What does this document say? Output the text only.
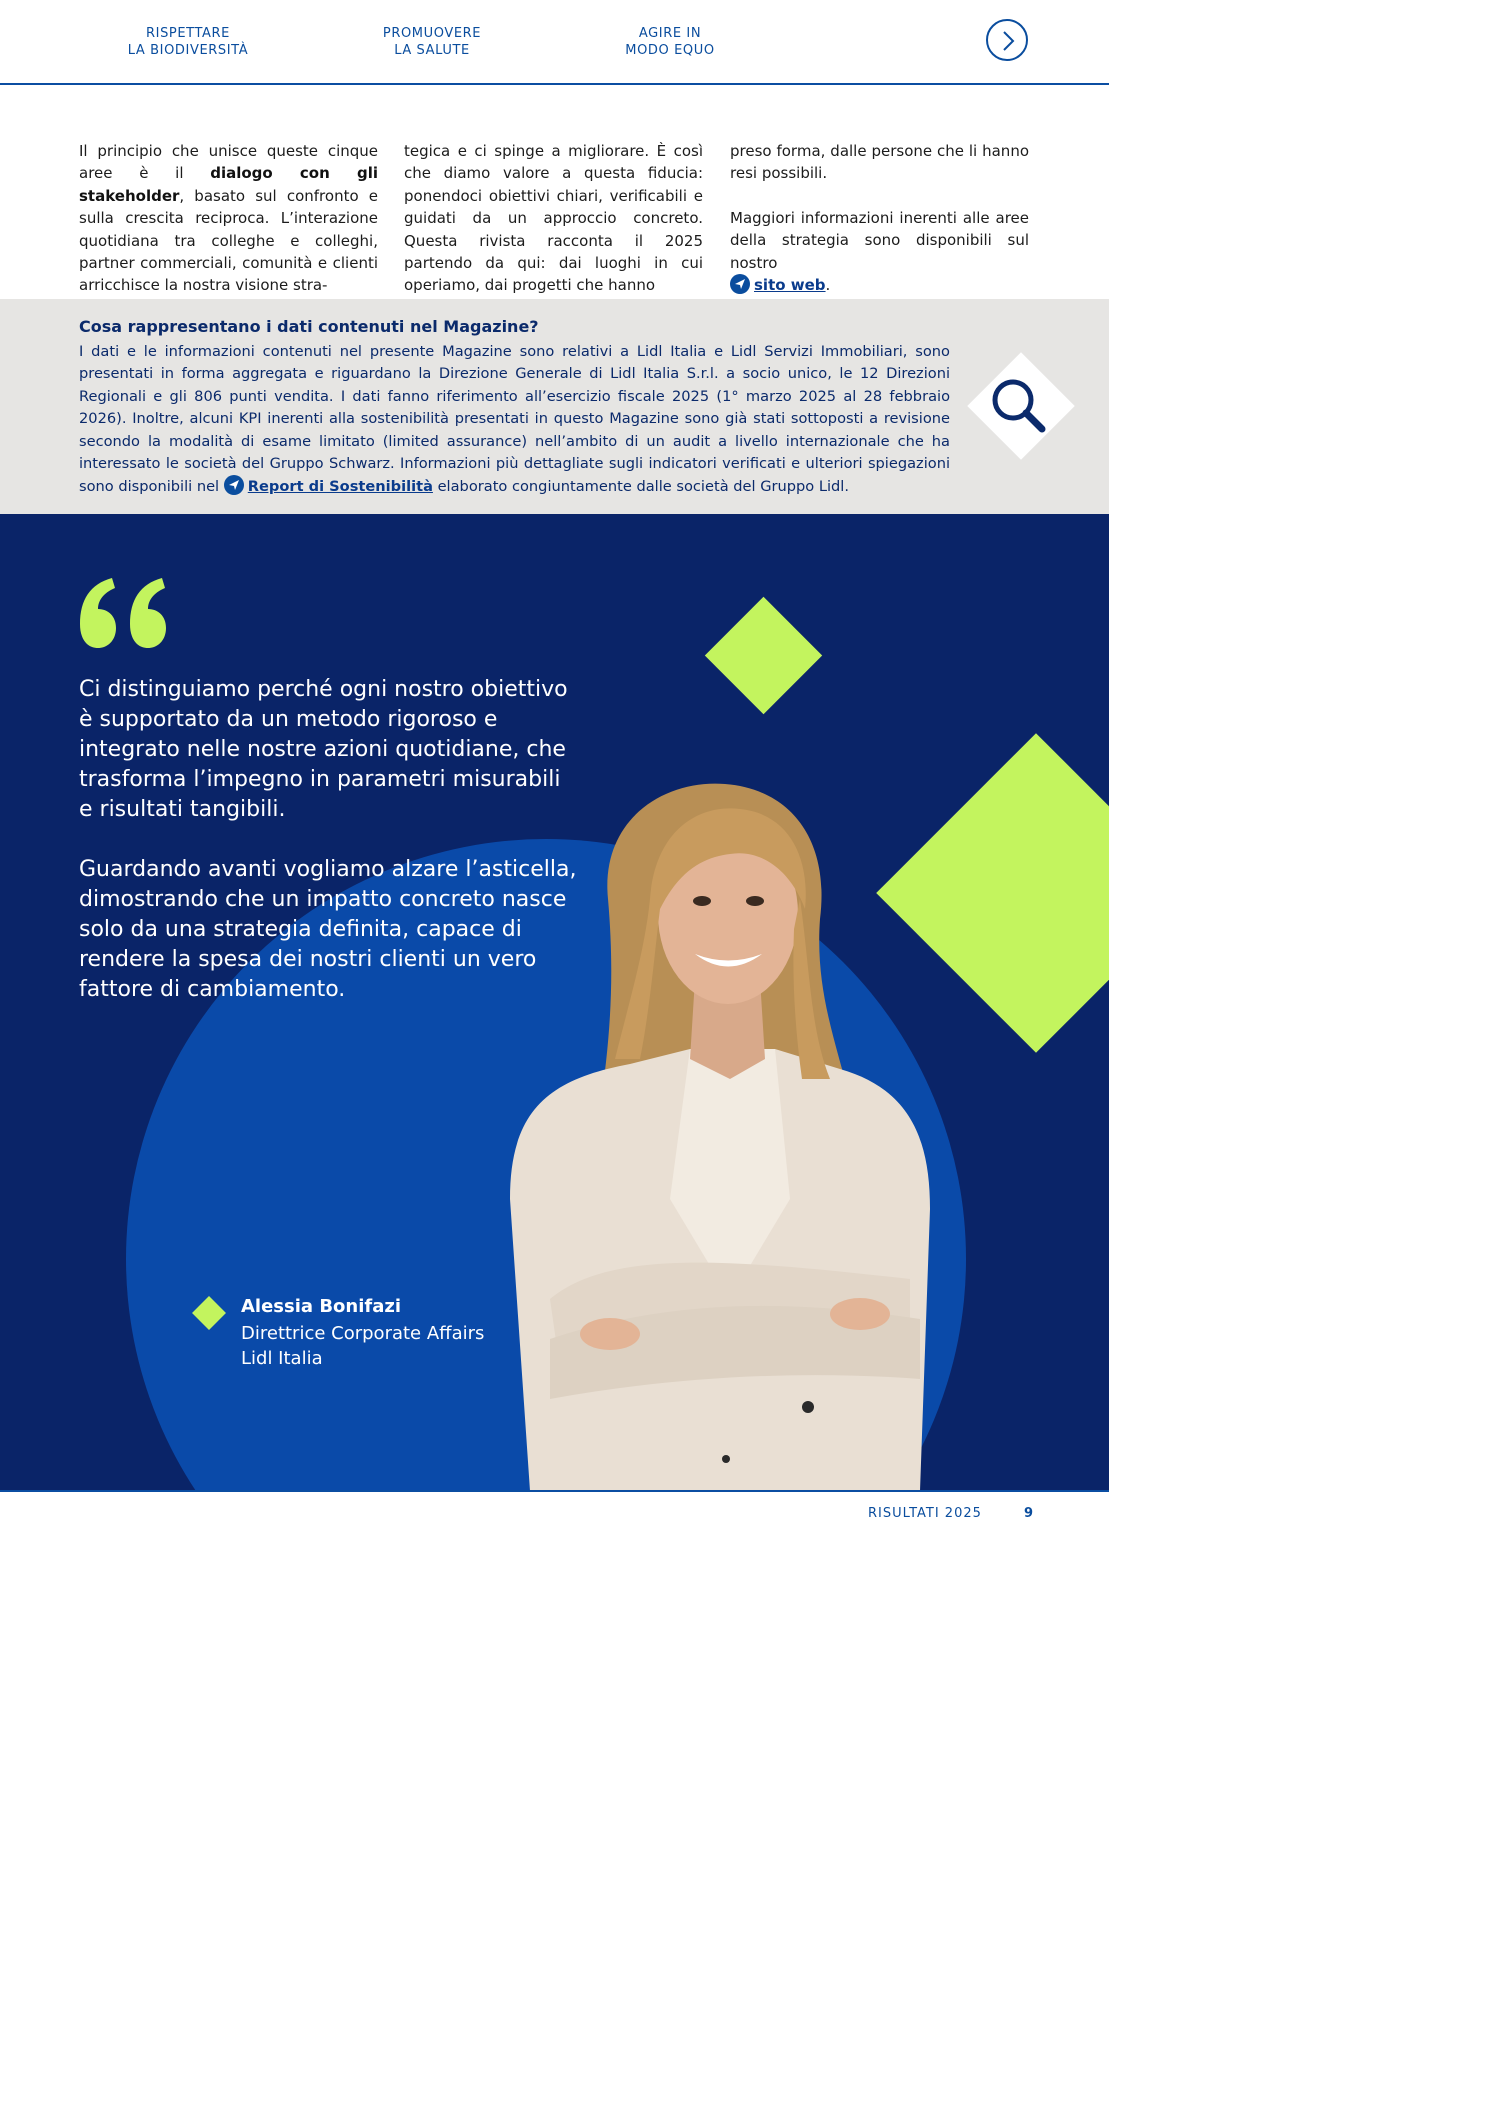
RISPETTARE
LA BIODIVERSITÀ
PROMUOVERE
LA SALUTE
AGIRE IN
MODO EQUO

Il principio che unisce queste cinque aree è il dialogo con gli stakeholder, basato sul confronto e sulla crescita reciproca. L’interazione quotidiana tra colleghe e colleghi, partner commerciali, comunità e clienti arricchisce la nostra visione stra-

tegica e ci spinge a migliorare. È così che diamo valore a questa fiducia: ponendoci obiettivi chiari, verificabili e guidati da un approccio concreto. Questa rivista racconta il 2025 partendo da qui: dai luoghi in cui operiamo, dai progetti che hanno

preso forma, dalle persone che li hanno resi possibili.

Maggiori informazioni inerenti alle aree della strategia sono disponibili sul nostro

sito web.

Cosa rappresentano i dati contenuti nel Magazine?
I dati e le informazioni contenuti nel presente Magazine sono relativi a Lidl Italia e Lidl Servizi Immobiliari, sono presentati in forma aggregata e riguardano la Direzione Generale di Lidl Italia S.r.l. a socio unico, le 12 Direzioni Regionali e gli 806 punti vendita. I dati fanno riferimento all’esercizio fiscale 2025 (1° marzo 2025 al 28 febbraio 2026). Inoltre, alcuni KPI inerenti alla sostenibilità presentati in questo Magazine sono già stati sottoposti a revisione secondo la modalità di esame limitato (limited assurance) nell’ambito di un audit a livello internazionale che ha interessato le società del Gruppo Schwarz. Informazioni più dettagliate sugli indicatori verificati e ulteriori spiegazioni sono disponibili nel Report di Sostenibilità elaborato congiuntamente dalle società del Gruppo Lidl.

Ci distinguiamo perché ogni nostro obiettivo è supportato da un metodo rigoroso e integrato nelle nostre azioni quotidiane, che trasforma l’impegno in parametri misurabili e risultati tangibili.

Guardando avanti vogliamo alzare l’asticella, dimostrando che un impatto concreto nasce solo da una strategia definita, capace di rendere la spesa dei nostri clienti un vero fattore di cambiamento.

Alessia Bonifazi
Direttrice Corporate Affairs
Lidl Italia
RISULTATI 2025	9
